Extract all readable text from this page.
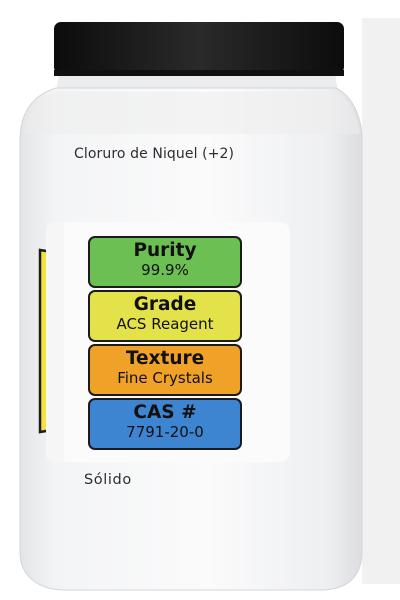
Cloruro de Niquel (+2)
Purity
99.9%
Grade
ACS Reagent
Texture
Fine Crystals
CAS #
7791-20-0
Sólido
